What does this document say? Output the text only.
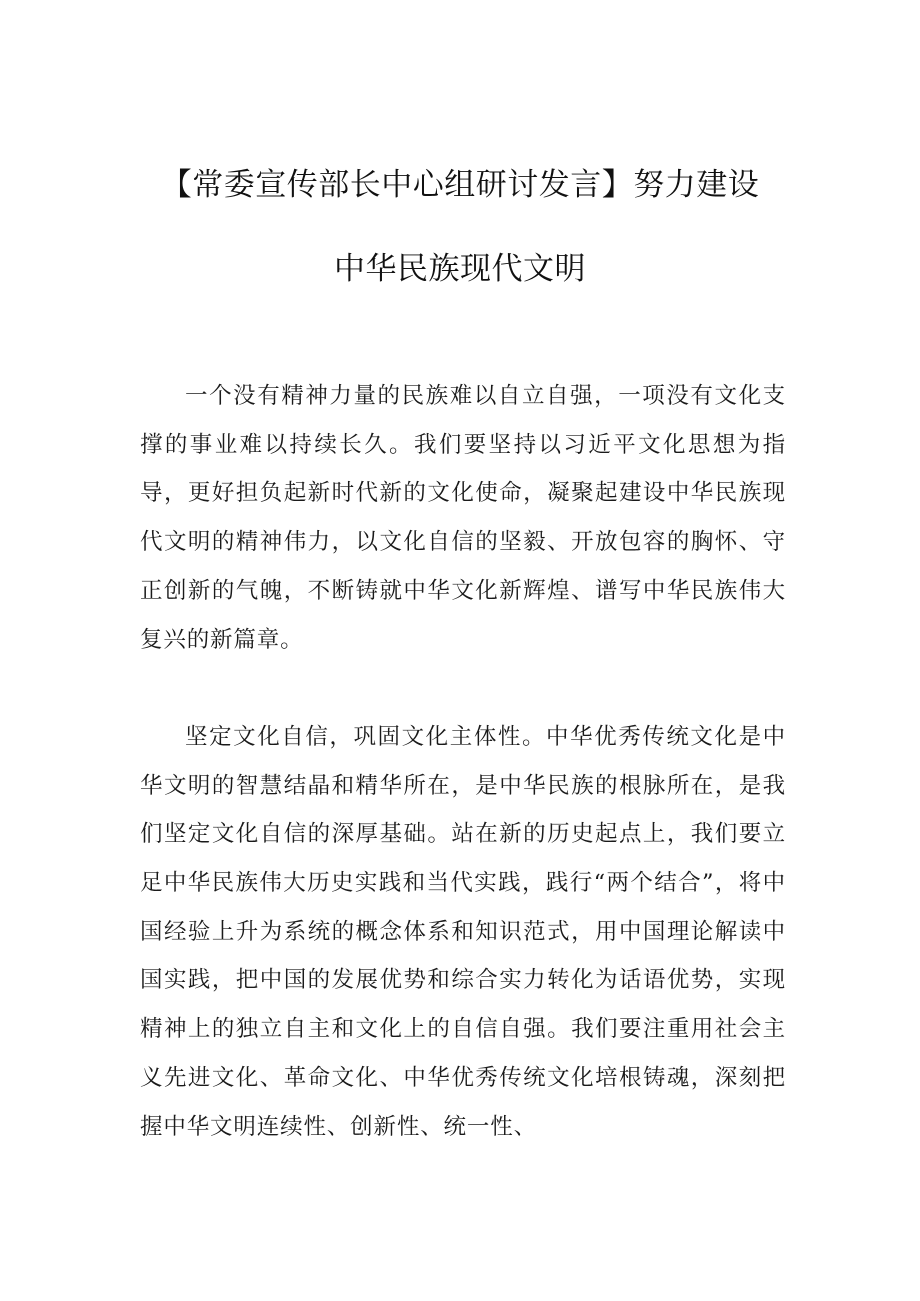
【常委宣传部长中心组研讨发言】努力建设
中华民族现代文明

一个没有精神力量的民族难以自立自强，一项没有文化支撑的事业难以持续长久。我们要坚持以习近平文化思想为指导，更好担负起新时代新的文化使命，凝聚起建设中华民族现代文明的精神伟力，以文化自信的坚毅、开放包容的胸怀、守正创新的气魄，不断铸就中华文化新辉煌、谱写中华民族伟大复兴的新篇章。

坚定文化自信，巩固文化主体性。中华优秀传统文化是中华文明的智慧结晶和精华所在，是中华民族的根脉所在，是我们坚定文化自信的深厚基础。站在新的历史起点上，我们要立足中华民族伟大历史实践和当代实践，践行“两个结合”，将中国经验上升为系统的概念体系和知识范式，用中国理论解读中国实践，把中国的发展优势和综合实力转化为话语优势，实现精神上的独立自主和文化上的自信自强。我们要注重用社会主义先进文化、革命文化、中华优秀传统文化培根铸魂，深刻把握中华文明连续性、创新性、统一性、
